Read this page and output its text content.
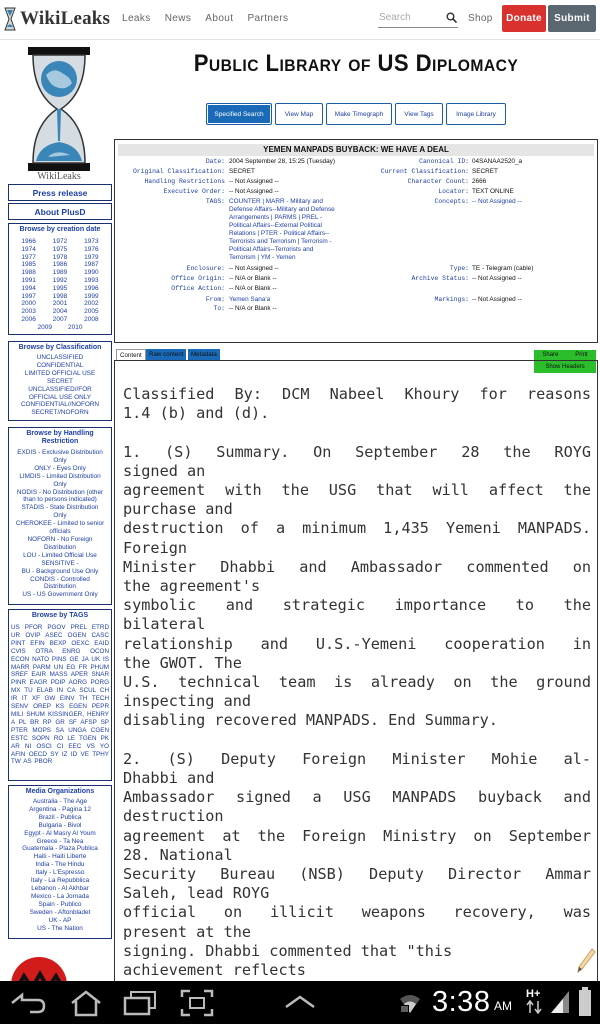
WikiLeaks Leaks News About Partners
Search	Shop	Donate	Submit
WikiLeaks
Press release
About PlusD
Browse by creation date
1966	1972	1973
1974	1975	1976
1977	1978	1979
1985	1986	1987
1988	1989	1990
1991	1992	1993
1994	1995	1996
1997	1998	1999
2000	2001	2002
2003	2004	2005
2006	2007	2008
2009 2010
Browse by Classification
UNCLASSIFIED
CONFIDENTIAL
LIMITED OFFICIAL USE
SECRET
UNCLASSIFIED//FOR
OFFICIAL USE ONLY
CONFIDENTIAL//NOFORN
SECRET//NOFORN
Browse by Handling Restriction
EXDIS - Exclusive Distribution
Only
ONLY - Eyes Only
LIMDIS - Limited Distribution
Only
NODIS - No Distribution (other
than to persons indicated)
STADIS - State Distribution
Only
CHEROKEE - Limited to senior
officials
NOFORN - No Foreign
Distribution
LOU - Limited Official Use
SENSITIVE -
BU - Background Use Only
CONDIS - Controlled
Distribution
US - US Government Only
Browse by TAGS
US PFOR PGOV PREL ETRD UR OVIP ASEC OGEN CASC PINT EFIN BEXP OEXC EAID CVIS OTRA ENRG OCON ECON NATO PINS GE JA UK IS MARR PARM UN EG FR PHUM SREF EAIR MASS APER SNAR PINR EAGR PDIP AORG PORG MX TU ELAB IN CA SCUL CH IR IT XF GW EINV TH TECH SENV OREP KS EGEN PEPR MILI SHUM KISSINGER, HENRY A PL BR RP GR SF AFSP SP PTER MOPS SA UNGA CGEN ESTC SOPN RO LE TGEN PK AR NI OSCI CI EEC VS YO AFIN OECD SY IZ ID VE TPHY TW AS PBOR
Media Organizations
Australia - The Age
Argentina - Pagina 12
Brazil - Publica
Bulgaria - Bivol
Egypt - Al Masry Al Youm
Greece - Ta Nea
Guatemala - Plaza Publica
Haiti - Haiti Liberte
India - The Hindu
Italy - L'Espresso
Italy - La Repubblica
Lebanon - Al Akhbar
Mexico - La Jornada
Spain - Publico
Sweden - Aftonbladet
UK - AP
US - The Nation
Public Library of US Diplomacy
Specified Search	View Map	Make Timegraph	View Tags	Image Library
YEMEN MANPADS BUYBACK: WE HAVE A DEAL
Date: 2004 September 28, 15:25 (Tuesday)	Canonical ID: 04SANAA2520_a
Original Classification: SECRET	Current Classification: SECRET
Handling Restrictions -- Not Assigned --	Character Count: 2666
Executive Order: -- Not Assigned --	Locator: TEXT ONLINE
TAGS: COUNTER | MARR - Military and
Defense Affairs--Military and Defense
Arrangements | PARMS | PREL -
Political Affairs--External Political
Relations | PTER - Political Affairs--
Terrorists and Terrorism | Terrorism -
Political Affairs--Terrorists and
Terrorism | YM - Yemen
Concepts: -- Not Assigned --
Enclosure: -- Not Assigned --	Type: TE - Telegram (cable)
Office Origin: -- N/A or Blank --	Archive Status: -- Not Assigned --
Office Action: -- N/A or Blank --
From: Yemen Sana'a	Markings: -- Not Assigned --
To: -- N/A or Blank --
Content	Raw content	Metadata	Share	Print
Show Headers

Classified By: DCM Nabeel Khoury for reasons
1.4 (b) and (d).

1. (S) Summary. On September 28 the ROYG
signed an
agreement with the USG that will affect the
purchase and
destruction of a minimum 1,435 Yemeni MANPADS.
Foreign
Minister Dhabbi and Ambassador commented on
the agreement's
symbolic and strategic importance to the
bilateral
relationship and U.S.-Yemeni cooperation in
the GWOT. The
U.S. technical team is already on the ground
inspecting and
disabling recovered MANPADS. End Summary.

2. (S) Deputy Foreign Minister Mohie al-
Dhabbi and
Ambassador signed a USG MANPADS buyback and
destruction
agreement at the Foreign Ministry on September
28. National
Security Bureau (NSB) Deputy Director Ammar
Saleh, lead ROYG
official on illicit weapons recovery, was
present at the
signing. Dhabbi commented that "this
achievement reflects

H+
3:38 AM
